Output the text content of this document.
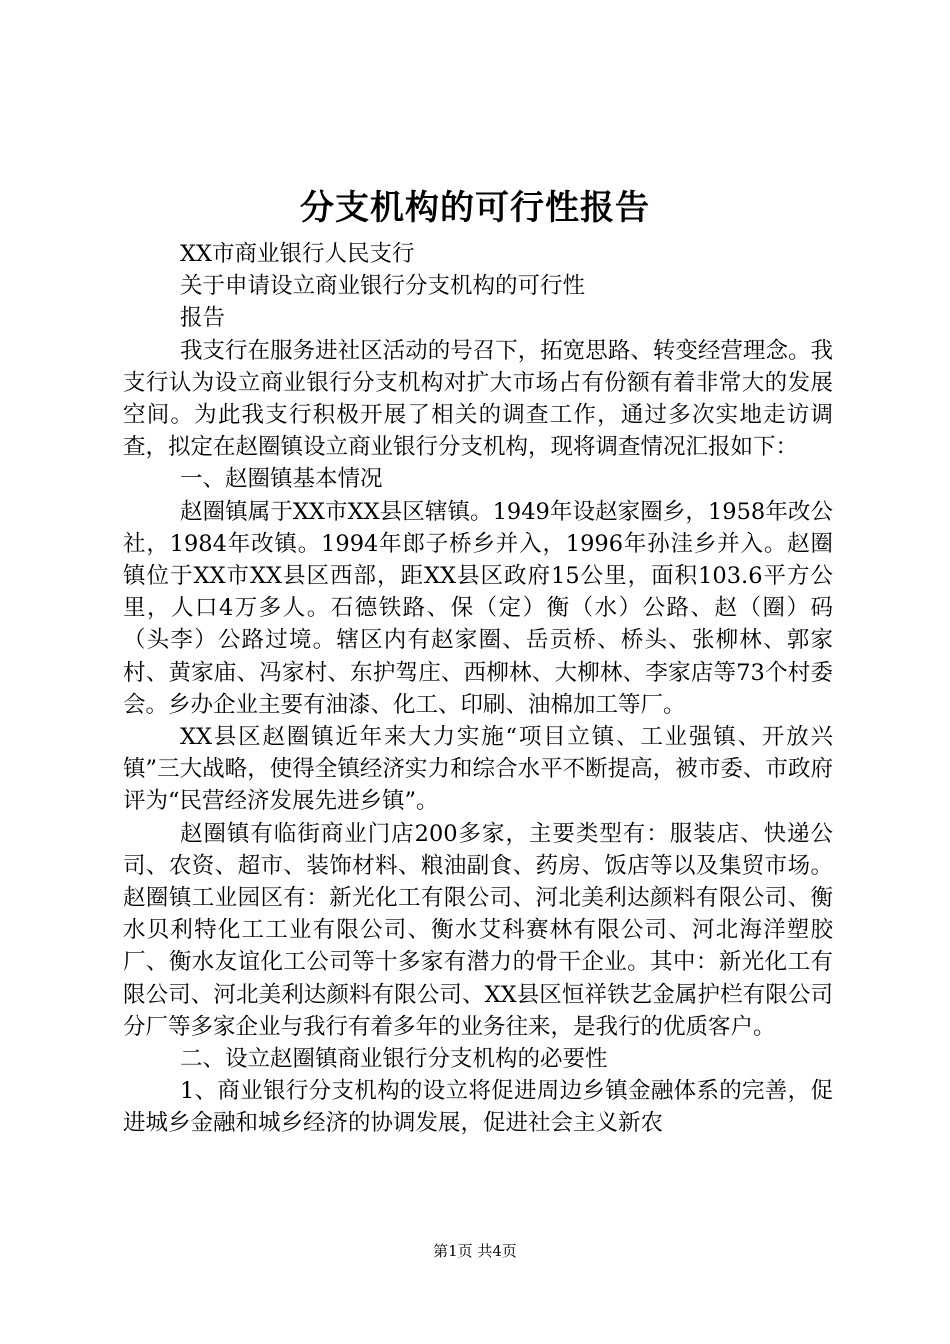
分支机构的可行性报告

XX市商业银行人民支行

关于申请设立商业银行分支机构的可行性

报告

我支行在服务进社区活动的号召下，拓宽思路、转变经营理念。我支行认为设立商业银行分支机构对扩大市场占有份额有着非常大的发展空间。为此我支行积极开展了相关的调查工作，通过多次实地走访调查，拟定在赵圈镇设立商业银行分支机构，现将调查情况汇报如下：

一、赵圈镇基本情况

赵圈镇属于XX市XX县区辖镇。1949年设赵家圈乡，1958年改公社，1984年改镇。1994年郎子桥乡并入，1996年孙洼乡并入。赵圈镇位于XX市XX县区西部，距XX县区政府15公里，面积103.6平方公里，人口4万多人。石德铁路、保（定）衡（水）公路、赵（圈）码（头李）公路过境。辖区内有赵家圈、岳贡桥、桥头、张柳林、郭家村、黄家庙、冯家村、东护驾庄、西柳林、大柳林、李家店等73个村委会。乡办企业主要有油漆、化工、印刷、油棉加工等厂。

XX县区赵圈镇近年来大力实施“项目立镇、工业强镇、开放兴镇”三大战略，使得全镇经济实力和综合水平不断提高，被市委、市政府评为“民营经济发展先进乡镇”。

赵圈镇有临街商业门店200多家，主要类型有：服装店、快递公司、农资、超市、装饰材料、粮油副食、药房、饭店等以及集贸市场。赵圈镇工业园区有：新光化工有限公司、河北美利达颜料有限公司、衡水贝利特化工工业有限公司、衡水艾科赛林有限公司、河北海洋塑胶厂、衡水友谊化工公司等十多家有潜力的骨干企业。其中：新光化工有限公司、河北美利达颜料有限公司、XX县区恒祥铁艺金属护栏有限公司分厂等多家企业与我行有着多年的业务往来，是我行的优质客户。

二、设立赵圈镇商业银行分支机构的必要性

1、商业银行分支机构的设立将促进周边乡镇金融体系的完善，促进城乡金融和城乡经济的协调发展，促进社会主义新农

第1页 共4页
